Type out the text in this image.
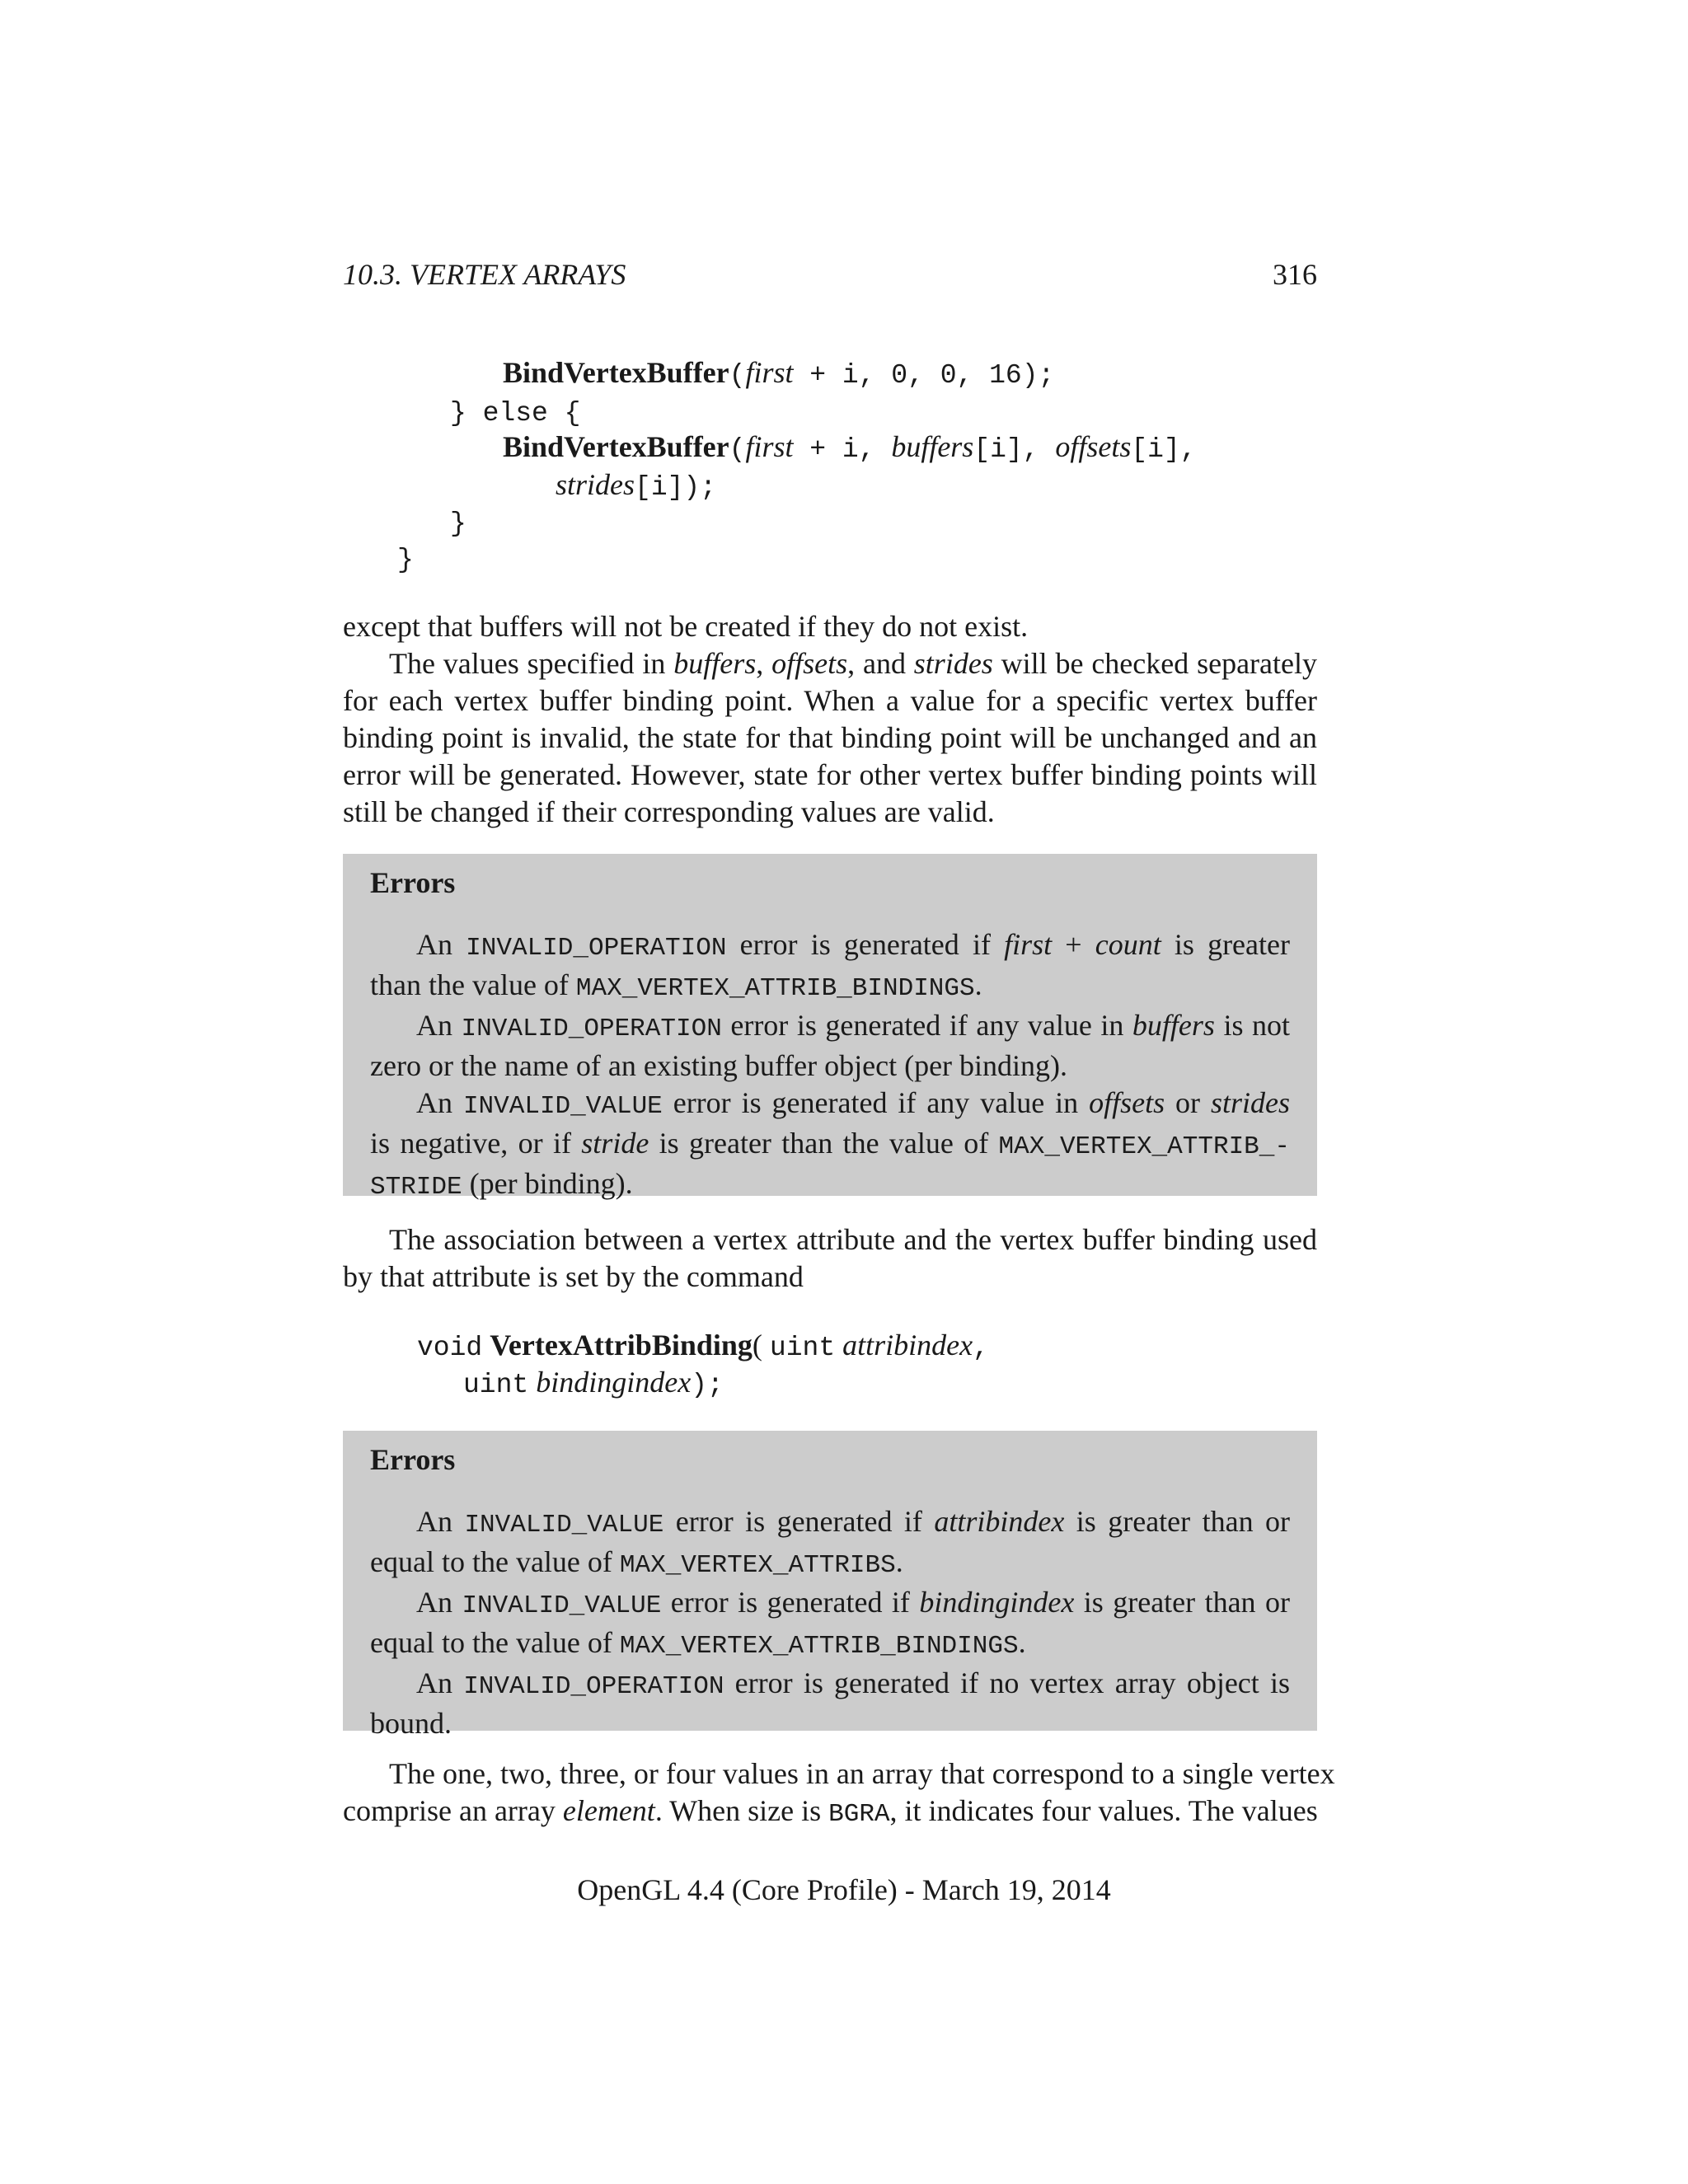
10.3. VERTEX ARRAYS	316
BindVertexBuffer(first + i, 0, 0, 16);
} else {
BindVertexBuffer(first + i, buffers[i], offsets[i],
strides[i]);
}
}
except that buffers will not be created if they do not exist.
The values specified in buffers, offsets, and strides will be checked separately
for each vertex buffer binding point. When a value for a specific vertex buffer
binding point is invalid, the state for that binding point will be unchanged and an
error will be generated. However, state for other vertex buffer binding points will
still be changed if their corresponding values are valid.
Errors
An INVALID_OPERATION error is generated if first + count is greater
than the value of MAX_VERTEX_ATTRIB_BINDINGS.
An INVALID_OPERATION error is generated if any value in buffers is not
zero or the name of an existing buffer object (per binding).
An INVALID_VALUE error is generated if any value in offsets or strides
is negative, or if stride is greater than the value of MAX_VERTEX_ATTRIB_-
STRIDE (per binding).
The association between a vertex attribute and the vertex buffer binding used
by that attribute is set by the command
void VertexAttribBinding( uint attribindex,
uint bindingindex);
Errors
An INVALID_VALUE error is generated if attribindex is greater than or
equal to the value of MAX_VERTEX_ATTRIBS.
An INVALID_VALUE error is generated if bindingindex is greater than or
equal to the value of MAX_VERTEX_ATTRIB_BINDINGS.
An INVALID_OPERATION error is generated if no vertex array object is
bound.
The one, two, three, or four values in an array that correspond to a single vertex
comprise an array element. When size is BGRA, it indicates four values. The values
OpenGL 4.4 (Core Profile) - March 19, 2014
